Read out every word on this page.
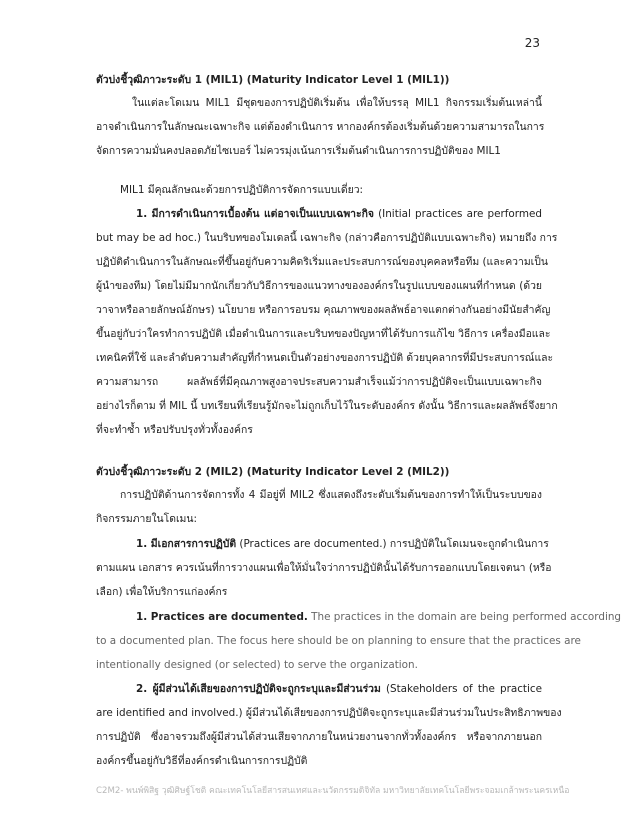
23
ตัวบ่งชี้วุฒิภาวะระดับ 1 (MIL1) (Maturity Indicator Level 1 (MIL1))
ในแต่ละโดเมน MIL1 มีชุดของการปฏิบัติเริ่มต้น เพื่อให้บรรลุ MIL1 กิจกรรมเริ่มต้นเหล่านี้
อาจดำเนินการในลักษณะเฉพาะกิจ แต่ต้องดำเนินการ หากองค์กรต้องเริ่มต้นด้วยความสามารถในการ
จัดการความมั่นคงปลอดภัยไซเบอร์ ไม่ควรมุ่งเน้นการเริ่มต้นดำเนินการการปฏิบัติของ MIL1
MIL1 มีคุณลักษณะด้วยการปฏิบัติการจัดการแบบเดี่ยว:
1. มีการดำเนินการเบื้องต้น แต่อาจเป็นแบบเฉพาะกิจ (Initial practices are performed
but may be ad hoc.) ในบริบทของโมเดลนี้ เฉพาะกิจ (กล่าวคือการปฏิบัติแบบเฉพาะกิจ) หมายถึง การ
ปฏิบัติดำเนินการในลักษณะที่ขึ้นอยู่กับความคิดริเริ่มและประสบการณ์ของบุคคลหรือทีม (และความเป็น
ผู้นำของทีม) โดยไม่มีมากนักเกี่ยวกับวิธีการของแนวทางขององค์กรในรูปแบบของแผนที่กำหนด (ด้วย
วาจาหรือลายลักษณ์อักษร) นโยบาย หรือการอบรม คุณภาพของผลลัพธ์อาจแตกต่างกันอย่างมีนัยสำคัญ
ขึ้นอยู่กับว่าใครทำการปฏิบัติ เมื่อดำเนินการและบริบทของปัญหาที่ได้รับการแก้ไข วิธีการ เครื่องมือและ
เทคนิคที่ใช้ และลำดับความสำคัญที่กำหนดเป็นตัวอย่างของการปฏิบัติ ด้วยบุคลากรที่มีประสบการณ์และ
ความสามารถ ผลลัพธ์ที่มีคุณภาพสูงอาจประสบความสำเร็จแม้ว่าการปฏิบัติจะเป็นแบบเฉพาะกิจ
อย่างไรก็ตาม ที่ MIL นี้ บทเรียนที่เรียนรู้มักจะไม่ถูกเก็บไว้ในระดับองค์กร ดังนั้น วิธีการและผลลัพธ์จึงยาก
ที่จะทำซ้ำ หรือปรับปรุงทั่วทั้งองค์กร
ตัวบ่งชี้วุฒิภาวะระดับ 2 (MIL2) (Maturity Indicator Level 2 (MIL2))
การปฏิบัติด้านการจัดการทั้ง 4 มีอยู่ที่ MIL2 ซึ่งแสดงถึงระดับเริ่มต้นของการทำให้เป็นระบบของ
กิจกรรมภายในโดเมน:
1. มีเอกสารการปฏิบัติ (Practices are documented.) การปฏิบัติในโดเมนจะถูกดำเนินการ
ตามแผน เอกสาร ควรเน้นที่การวางแผนเพื่อให้มั่นใจว่าการปฏิบัตินั้นได้รับการออกแบบโดยเจตนา (หรือ
เลือก) เพื่อให้บริการแก่องค์กร
1. Practices are documented. The practices in the domain are being performed according
to a documented plan. The focus here should be on planning to ensure that the practices are
intentionally designed (or selected) to serve the organization.
2. ผู้มีส่วนได้เสียของการปฏิบัติจะถูกระบุและมีส่วนร่วม (Stakeholders of the practice
are identified and involved.) ผู้มีส่วนได้เสียของการปฏิบัติจะถูกระบุและมีส่วนร่วมในประสิทธิภาพของ
การปฏิบัติ ซึ่งอาจรวมถึงผู้มีส่วนได้ส่วนเสียจากภายในหน่วยงานจากทั่วทั้งองค์กร หรือจากภายนอก
องค์กรขึ้นอยู่กับวิธีที่องค์กรดำเนินการการปฏิบัติ
C2M2- พนพ์พิสิฐ วุฒิศิษฐ์โชติ คณะเทคโนโลยีสารสนเทศและนวัตกรรมดิจิทัล มหาวิทยาลัยเทคโนโลยีพระจอมเกล้าพระนครเหนือ
